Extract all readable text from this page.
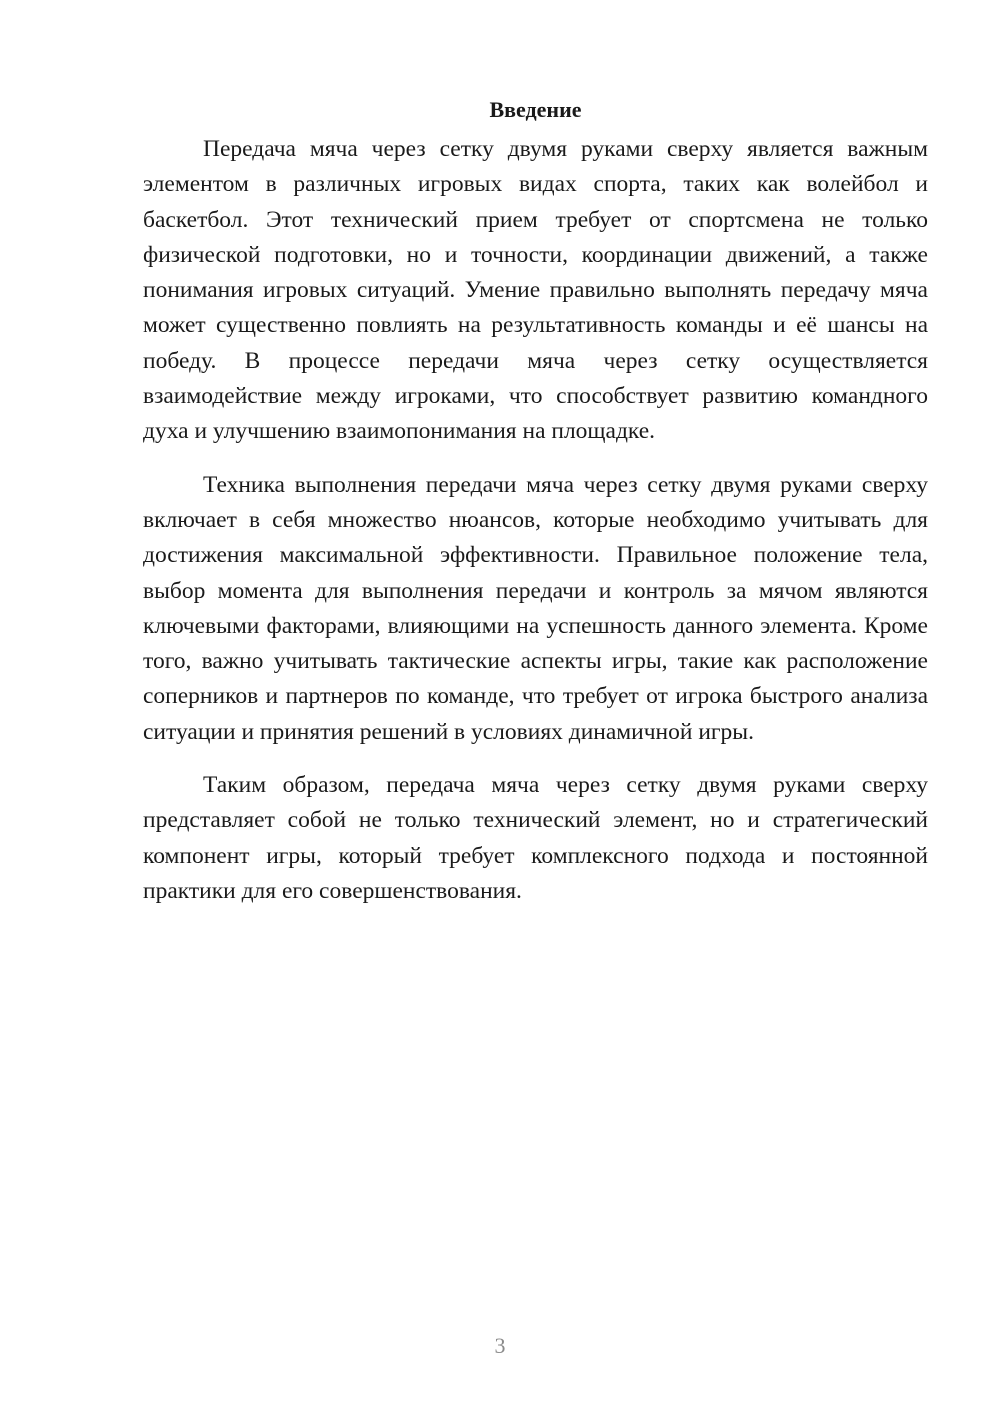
Введение

Передача мяча через сетку двумя руками сверху является важным элементом в различных игровых видах спорта, таких как волейбол и баскетбол. Этот технический прием требует от спортсмена не только физической подготовки, но и точности, координации движений, а также понимания игровых ситуаций. Умение правильно выполнять передачу мяча может существенно повлиять на результативность команды и её шансы на победу. В процессе передачи мяча через сетку осуществляется взаимодействие между игроками, что способствует развитию командного духа и улучшению взаимопонимания на площадке.

Техника выполнения передачи мяча через сетку двумя руками сверху включает в себя множество нюансов, которые необходимо учитывать для достижения максимальной эффективности. Правильное положение тела, выбор момента для выполнения передачи и контроль за мячом являются ключевыми факторами, влияющими на успешность данного элемента. Кроме того, важно учитывать тактические аспекты игры, такие как расположение соперников и партнеров по команде, что требует от игрока быстрого анализа ситуации и принятия решений в условиях динамичной игры.

Таким образом, передача мяча через сетку двумя руками сверху представляет собой не только технический элемент, но и стратегический компонент игры, который требует комплексного подхода и постоянной практики для его совершенствования.

3
